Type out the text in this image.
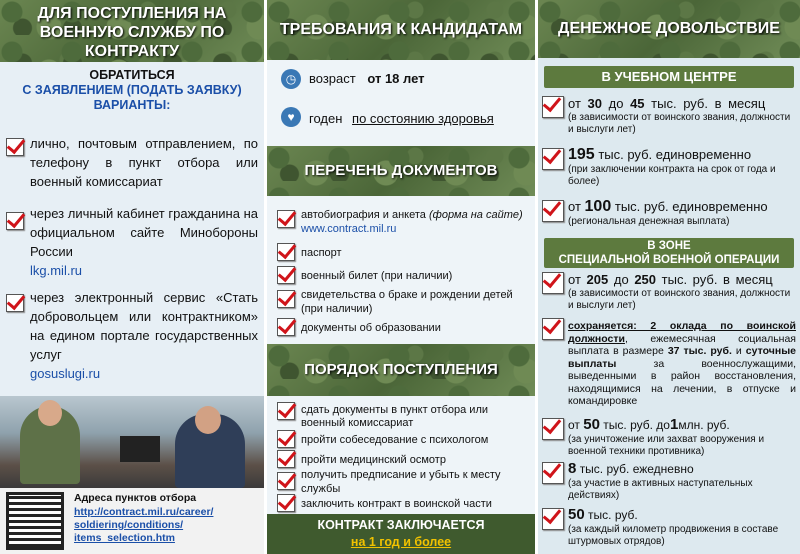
ДЛЯ ПОСТУПЛЕНИЯ НА ВОЕННУЮ СЛУЖБУ ПО КОНТРАКТУ
ОБРАТИТЬСЯ
С ЗАЯВЛЕНИЕМ (ПОДАТЬ ЗАЯВКУ)
ВАРИАНТЫ:
лично, почтовым отправлением, по телефону в пункт отбора или военный комиссариат
через личный кабинет гражданина на официальном сайте Минобороны России
lkg.mil.ru
через электронный сервис «Стать добровольцем или контрактником» на едином портале государственных услуг
gosuslugi.ru
Адреса пунктов отбора
http://contract.mil.ru/career/
soldiering/conditions/
items_selection.htm
ТРЕБОВАНИЯ К КАНДИДАТАМ
◷ возраст от 18 лет
♥	годен по состоянию здоровья
ПЕРЕЧЕНЬ ДОКУМЕНТОВ
автобиография и анкета (форма на сайте) www.contract.mil.ru
паспорт
военный билет (при наличии)
свидетельства о браке и рождении детей (при наличии)
документы об образовании
ПОРЯДОК ПОСТУПЛЕНИЯ
сдать документы в пункт отбора или военный комиссариат
пройти собеседование с психологом
пройти медицинский осмотр
получить предписание и убыть к месту службы
заключить контракт в воинской части
КОНТРАКТ ЗАКЛЮЧАЕТСЯ
на 1 год и более
ДЕНЕЖНОЕ ДОВОЛЬСТВИЕ
В УЧЕБНОМ ЦЕНТРЕ
от 30 до 45 тыс. руб. в месяц
(в зависимости от воинского звания, должности и выслуги лет)
195 тыс. руб. единовременно
(при заключении контракта на срок от года и более)
от 100 тыс. руб. единовременно
(региональная денежная выплата)
В ЗОНЕ
СПЕЦИАЛЬНОЙ ВОЕННОЙ ОПЕРАЦИИ
от 205 до 250 тыс. руб. в месяц
(в зависимости от воинского звания, должности и выслуги лет)
сохраняется: 2 оклада по воинской должности, ежемесячная социальная выплата в размере 37 тыс. руб. и суточные выплаты	за военнослужащими, выведенными в район восстановления, находящимися на лечении, в отпуске и командировке
от 50 тыс. руб. до1млн. руб.
(за уничтожение или захват вооружения и военной техники противника)
8 тыс. руб. ежедневно
(за участие в активных наступательных действиях)
50 тыс. руб.
(за каждый километр продвижения в составе штурмовых отрядов)
